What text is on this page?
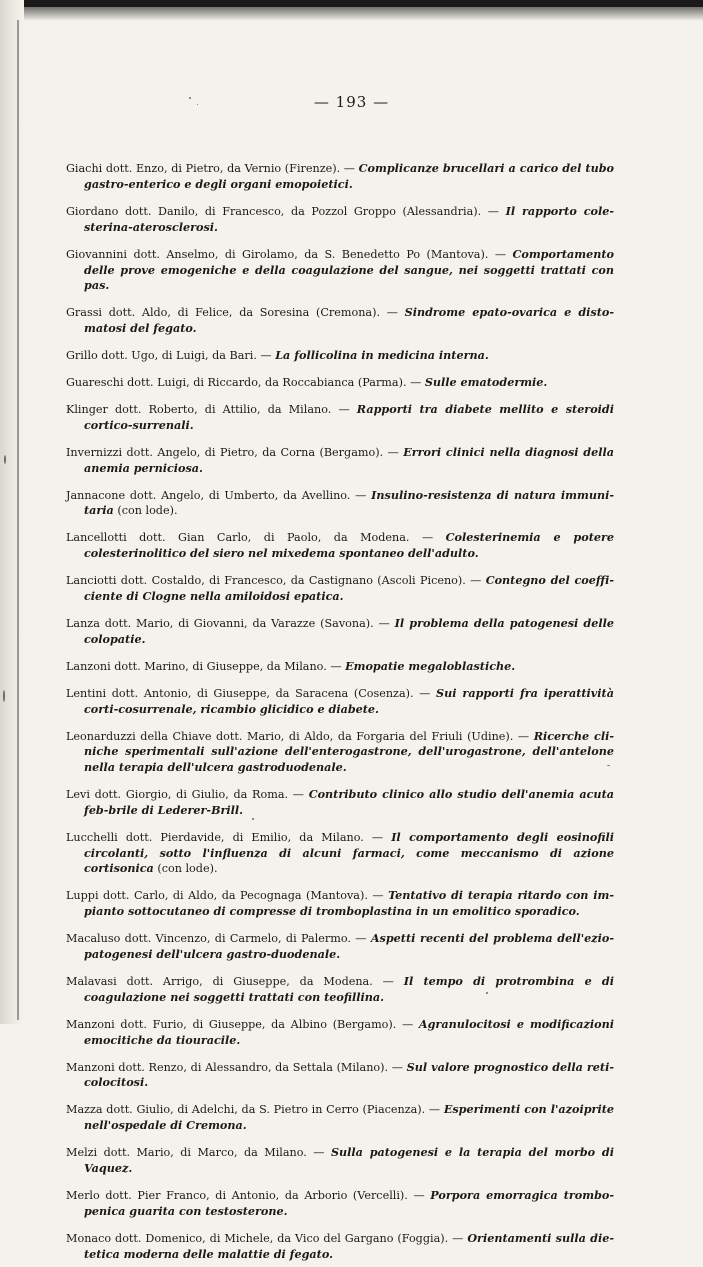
— 193 —

Giachi dott. Enzo, di Pietro, da Vernio (Firenze). — Complicanze brucellari a carico del tubo gastro-enterico e degli organi emopoietici.

Giordano dott. Danilo, di Francesco, da Pozzol Groppo (Alessandria). — Il rapporto cole-sterina-aterosclerosi.

Giovannini dott. Anselmo, di Girolamo, da S. Benedetto Po (Mantova). — Comportamento delle prove emogeniche e della coagulazione del sangue, nei soggetti trattati con pas.

Grassi dott. Aldo, di Felice, da Soresina (Cremona). — Sindrome epato-ovarica e disto-matosi del fegato.

Grillo dott. Ugo, di Luigi, da Bari. — La follicolina in medicina interna.

Guareschi dott. Luigi, di Riccardo, da Roccabianca (Parma). — Sulle ematodermie.

Klinger dott. Roberto, di Attilio, da Milano. — Rapporti tra diabete mellito e steroidi cortico-surrenali.

Invernizzi dott. Angelo, di Pietro, da Corna (Bergamo). — Errori clinici nella diagnosi della anemia perniciosa.

Jannacone dott. Angelo, di Umberto, da Avellino. — Insulino-resistenza di natura immuni-taria (con lode).

Lancellotti dott. Gian Carlo, di Paolo, da Modena. — Colesterinemia e potere colesterinolitico del siero nel mixedema spontaneo dell'adulto.

Lanciotti dott. Costaldo, di Francesco, da Castignano (Ascoli Piceno). — Contegno del coeffi-ciente di Clogne nella amiloidosi epatica.

Lanza dott. Mario, di Giovanni, da Varazze (Savona). — Il problema della patogenesi delle colopatie.

Lanzoni dott. Marino, di Giuseppe, da Milano. — Emopatie megaloblastiche.

Lentini dott. Antonio, di Giuseppe, da Saracena (Cosenza). — Sui rapporti fra iperattività corti-cosurrenale, ricambio glicidico e diabete.

Leonarduzzi della Chiave dott. Mario, di Aldo, da Forgaria del Friuli (Udine). — Ricerche cli-niche sperimentali sull'azione dell'enterogastrone, dell'urogastrone, dell'antelone nella terapia dell'ulcera gastroduodenale.

Levi dott. Giorgio, di Giulio, da Roma. — Contributo clinico allo studio dell'anemia acuta feb-brile di Lederer-Brill.

Lucchelli dott. Pierdavide, di Emilio, da Milano. — Il comportamento degli eosinofili circolanti, sotto l'influenza di alcuni farmaci, come meccanismo di azione cortisonica (con lode).

Luppi dott. Carlo, di Aldo, da Pecognaga (Mantova). — Tentativo di terapia ritardo con im-pianto sottocutaneo di compresse di tromboplastina in un emolitico sporadico.

Macaluso dott. Vincenzo, di Carmelo, di Palermo. — Aspetti recenti del problema dell'ezio-patogenesi dell'ulcera gastro-duodenale.

Malavasi dott. Arrigo, di Giuseppe, da Modena. — Il tempo di protrombina e di coagulazione nei soggetti trattati con teofillina.

Manzoni dott. Furio, di Giuseppe, da Albino (Bergamo). — Agranulocitosi e modificazioni emocitiche da tiouracile.

Manzoni dott. Renzo, di Alessandro, da Settala (Milano). — Sul valore prognostico della reti-colocitosi.

Mazza dott. Giulio, di Adelchi, da S. Pietro in Cerro (Piacenza). — Esperimenti con l'azoiprite nell'ospedale di Cremona.

Melzi dott. Mario, di Marco, da Milano. — Sulla patogenesi e la terapia del morbo di Vaquez.

Merlo dott. Pier Franco, di Antonio, da Arborio (Vercelli). — Porpora emorragica trombo-penica guarita con testosterone.

Monaco dott. Domenico, di Michele, da Vico del Gargano (Foggia). — Orientamenti sulla die-tetica moderna delle malattie di fegato.
